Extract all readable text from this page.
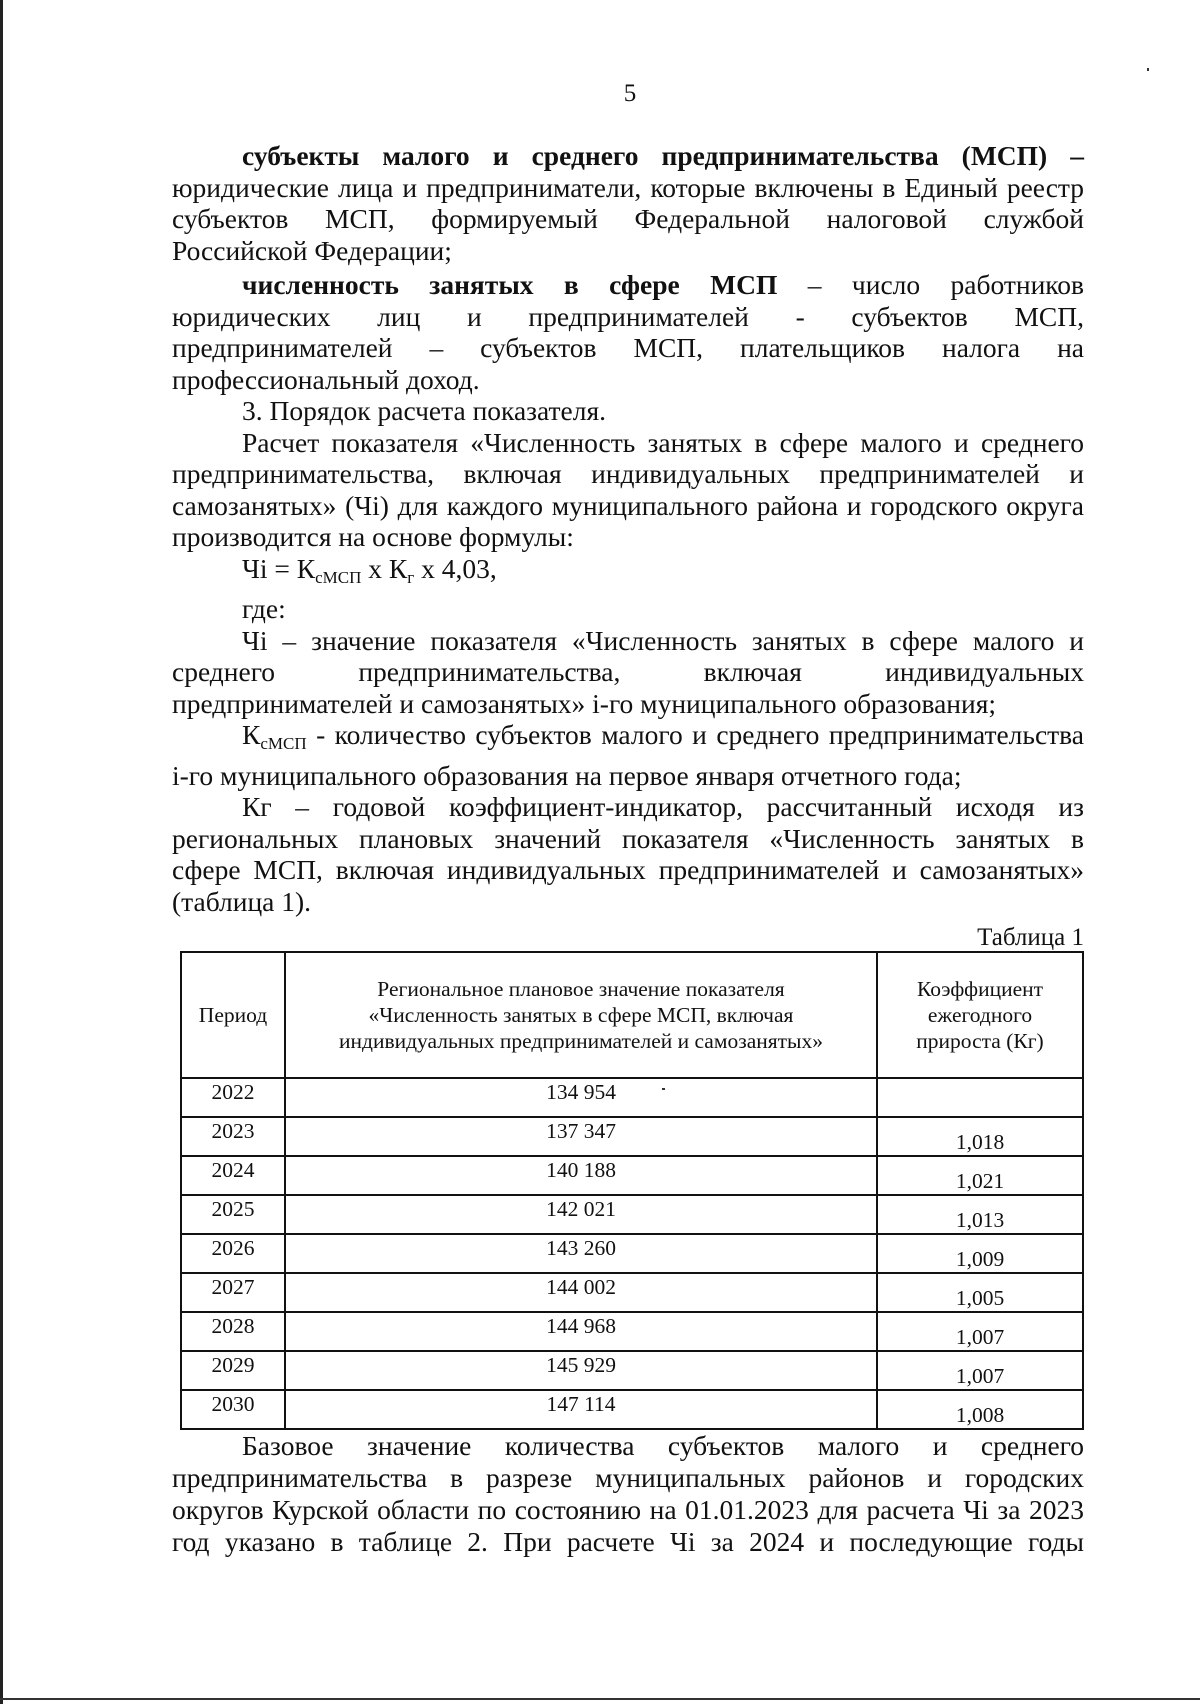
5
субъекты малого и среднего предпринимательства (МСП) –
юридические лица и предприниматели, которые включены в Единый реестр
субъектов МСП, формируемый Федеральной налоговой службой
Российской Федерации;
численность занятых в сфере МСП – число работников
юридических лиц и предпринимателей - субъектов МСП,
предпринимателей – субъектов МСП, плательщиков налога на
профессиональный доход.
3. Порядок расчета показателя.
Расчет показателя «Численность занятых в сфере малого и среднего
предпринимательства, включая индивидуальных предпринимателей и
самозанятых» (Чi) для каждого муниципального района и городского округа
производится на основе формулы:
Чi = $К_{сМСП}$ х $К_г$ х 4,03,
где:
Чi – значение показателя «Численность занятых в сфере малого и
среднего предпринимательства, включая индивидуальных
предпринимателей и самозанятых» i-го муниципального образования;
$К_{сМСП}$ - количество субъектов малого и среднего предпринимательства
i-го муниципального образования на первое января отчетного года;
Кг – годовой коэффициент-индикатор, рассчитанный исходя из
региональных плановых значений показателя «Численность занятых в
сфере МСП, включая индивидуальных предпринимателей и самозанятых»
(таблица 1).
Таблица 1
Период	Региональное плановое значение показателя «Численность занятых в сфере МСП, включая индивидуальных предпринимателей и самозанятых»	Коэффициент ежегодного прироста (Кг)
2022	134 954	
2023	137 347	1,018
2024	140 188	1,021
2025	142 021	1,013
2026	143 260	1,009
2027	144 002	1,005
2028	144 968	1,007
2029	145 929	1,007
2030	147 114	1,008
Базовое значение количества субъектов малого и среднего
предпринимательства в разрезе муниципальных районов и городских
округов Курской области по состоянию на 01.01.2023 для расчета Чi за 2023
год указано в таблице 2. При расчете Чi за 2024 и последующие годы
